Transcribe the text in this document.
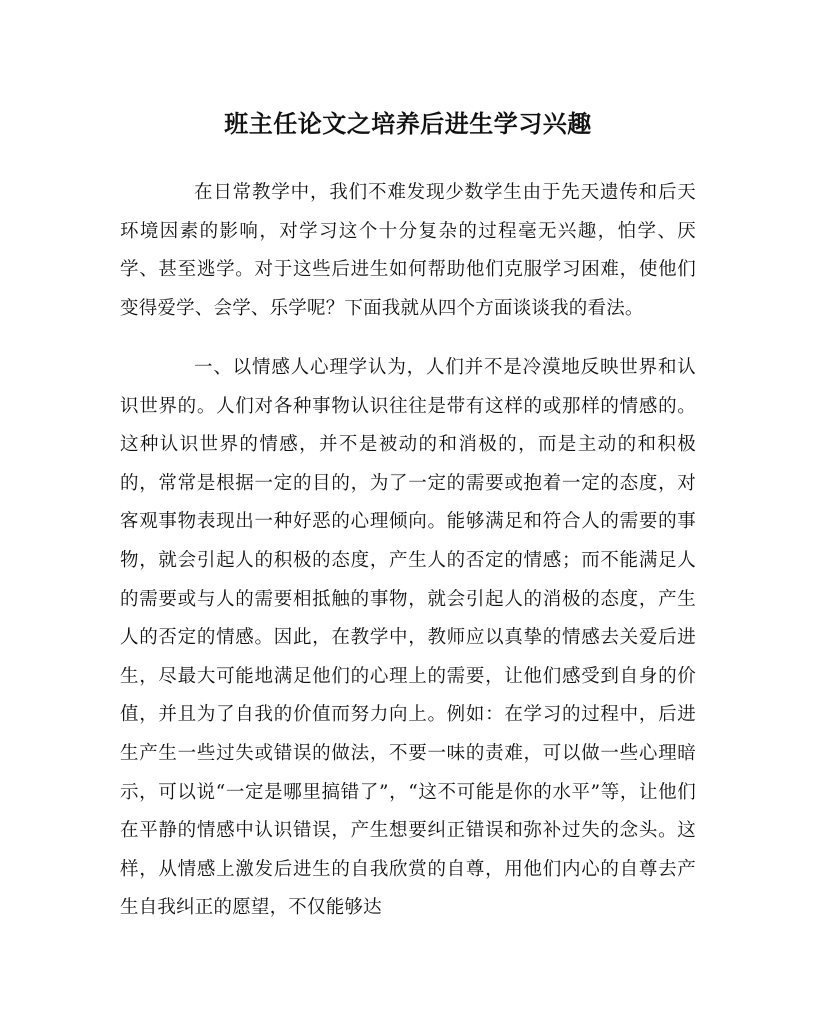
班主任论文之培养后进生学习兴趣

在日常教学中，我们不难发现少数学生由于先天遗传和后天环境因素的影响，对学习这个十分复杂的过程毫无兴趣，怕学、厌学、甚至逃学。对于这些后进生如何帮助他们克服学习困难，使他们变得爱学、会学、乐学呢？下面我就从四个方面谈谈我的看法。

一、以情感人心理学认为，人们并不是冷漠地反映世界和认识世界的。人们对各种事物认识往往是带有这样的或那样的情感的。这种认识世界的情感，并不是被动的和消极的，而是主动的和积极的，常常是根据一定的目的，为了一定的需要或抱着一定的态度，对客观事物表现出一种好恶的心理倾向。能够满足和符合人的需要的事物，就会引起人的积极的态度，产生人的否定的情感；而不能满足人的需要或与人的需要相抵触的事物，就会引起人的消极的态度，产生人的否定的情感。因此，在教学中，教师应以真挚的情感去关爱后进生，尽最大可能地满足他们的心理上的需要，让他们感受到自身的价值，并且为了自我的价值而努力向上。例如：在学习的过程中，后进生产生一些过失或错误的做法，不要一味的责难，可以做一些心理暗示，可以说“一定是哪里搞错了”，“这不可能是你的水平”等，让他们在平静的情感中认识错误，产生想要纠正错误和弥补过失的念头。这样，从情感上激发后进生的自我欣赏的自尊，用他们内心的自尊去产生自我纠正的愿望，不仅能够达
